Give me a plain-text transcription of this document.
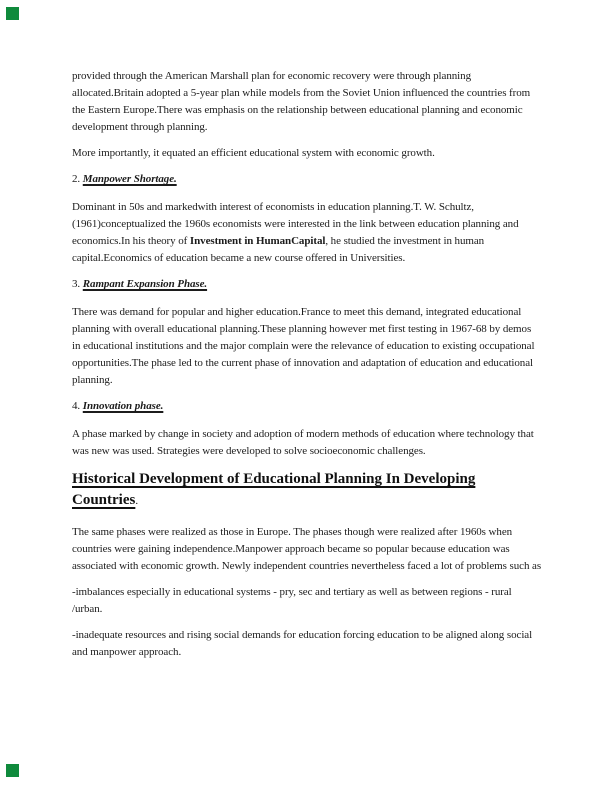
provided through the American Marshall plan for economic recovery were through planning allocated.Britain adopted a 5-year plan while models from the Soviet Union influenced the countries from the Eastern Europe.There was emphasis on the relationship between educational planning and economic development through planning.

More importantly, it equated an efficient educational system with economic growth.

2. Manpower Shortage.

Dominant in 50s and markedwith interest of economists in education planning.T. W. Schultz, (1961)conceptualized the 1960s economists were interested in the link between education planning and economics.In his theory of Investment in HumanCapital, he studied the investment in human capital.Economics of education became a new course offered in Universities.

3. Rampant Expansion Phase.

There was demand for popular and higher education.France to meet this demand, integrated educational planning with overall educational planning.These planning however met first testing in 1967-68 by demos in educational institutions and the major complain were the relevance of education to existing occupational opportunities.The phase led to the current phase of innovation and adaptation of education and educational planning.

4. Innovation phase.

A phase marked by change in society and adoption of modern methods of education where technology that was new was used. Strategies were developed to solve socioeconomic challenges.

Historical Development of Educational Planning In Developing Countries.

The same phases were realized as those in Europe. The phases though were realized after 1960s when countries were gaining independence.Manpower approach became so popular because education was associated with economic growth. Newly independent countries nevertheless faced a lot of problems such as

-imbalances especially in educational systems - pry, sec and tertiary as well as between regions - rural /urban.

-inadequate resources and rising social demands for education forcing education to be aligned along social and manpower approach.
